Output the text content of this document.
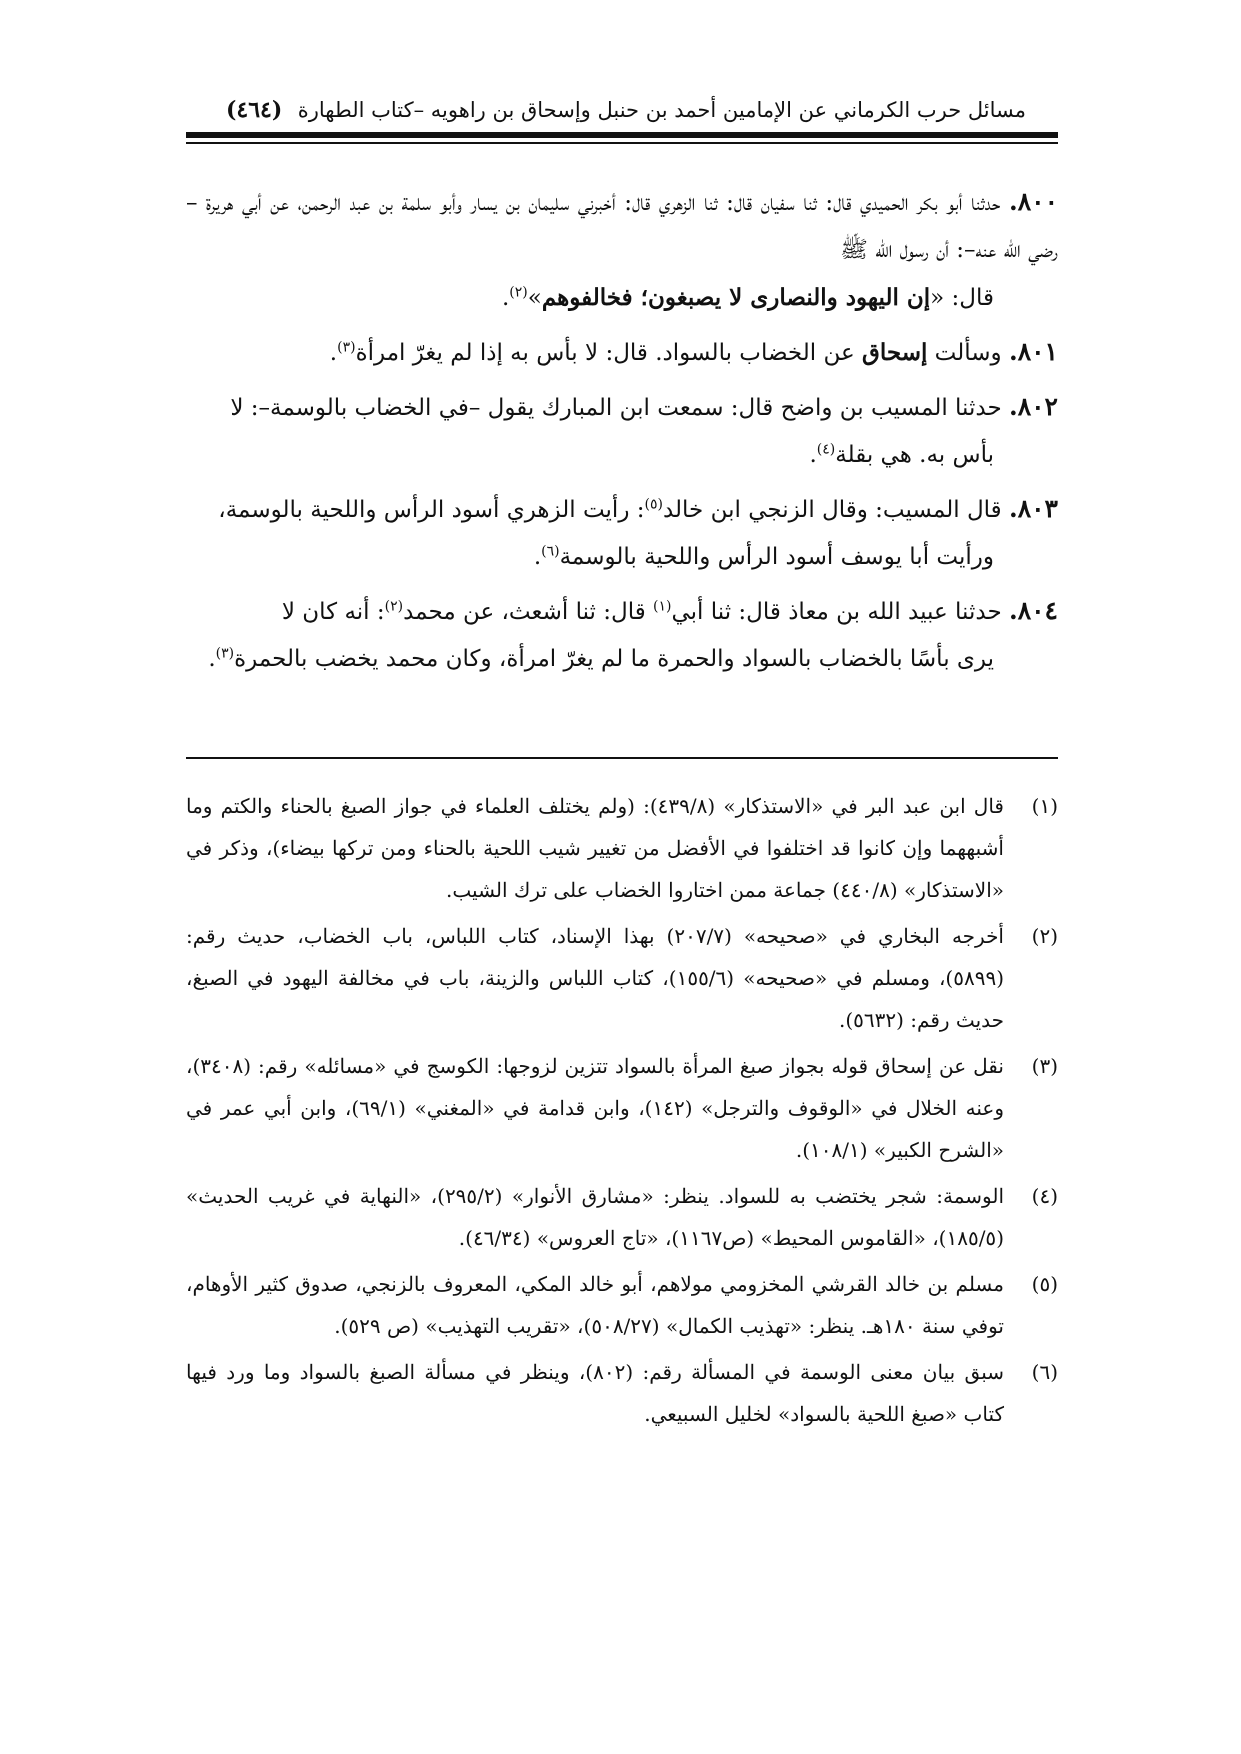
مسائل حرب الكرماني عن الإمامين أحمد بن حنبل وإسحاق بن راهويه –كتاب الطهارة
(٤٦٤)
٨٠٠. حدثنا أبو بكر الحميدي قال: ثنا سفيان قال: ثنا الزهري قال: أخبرني سليمان بن يسار وأبو سلمة بن عبد الرحمن، عن أبي هريرة –رضي الله عنه–: أن رسول الله ﷺ
قال: «إن اليهود والنصارى لا يصبغون؛ فخالفوهم»$^{(٢)}$.
٨٠١. وسألت إسحاق عن الخضاب بالسواد. قال: لا بأس به إذا لم يغرّ امرأة$^{(٣)}$.
٨٠٢. حدثنا المسيب بن واضح قال: سمعت ابن المبارك يقول –في الخضاب بالوسمة–: لا
بأس به. هي بقلة$^{(٤)}$.
٨٠٣. قال المسيب: وقال الزنجي ابن خالد$^{(٥)}$: رأيت الزهري أسود الرأس واللحية بالوسمة،
ورأيت أبا يوسف أسود الرأس واللحية بالوسمة$^{(٦)}$.
٨٠٤. حدثنا عبيد الله بن معاذ قال: ثنا أبي$^{(١)}$ قال: ثنا أشعث، عن محمد$^{(٢)}$: أنه كان لا
يرى بأسًا بالخضاب بالسواد والحمرة ما لم يغرّ امرأة، وكان محمد يخضب بالحمرة$^{(٣)}$.
(١)قال ابن عبد البر في «الاستذكار» (٤٣٩/٨): (ولم يختلف العلماء في جواز الصبغ بالحناء والكتم وما أشبههما وإن كانوا قد اختلفوا في الأفضل من تغيير شيب اللحية بالحناء ومن تركها بيضاء)، وذكر في «الاستذكار» (٤٤٠/٨) جماعة ممن اختاروا الخضاب على ترك الشيب.
(٢)أخرجه البخاري في «صحيحه» (٢٠٧/٧) بهذا الإسناد، كتاب اللباس، باب الخضاب، حديث رقم: (٥٨٩٩)، ومسلم في «صحيحه» (١٥٥/٦)، كتاب اللباس والزينة، باب في مخالفة اليهود في الصبغ، حديث رقم: (٥٦٣٢).
(٣)نقل عن إسحاق قوله بجواز صبغ المرأة بالسواد تتزين لزوجها: الكوسج في «مسائله» رقم: (٣٤٠٨)، وعنه الخلال في «الوقوف والترجل» (١٤٢)، وابن قدامة في «المغني» (٦٩/١)، وابن أبي عمر في «الشرح الكبير» (١٠٨/١).
(٤)الوسمة: شجر يختضب به للسواد. ينظر: «مشارق الأنوار» (٢٩٥/٢)، «النهاية في غريب الحديث» (١٨٥/٥)، «القاموس المحيط» (ص١١٦٧)، «تاج العروس» (٤٦/٣٤).
(٥)مسلم بن خالد القرشي المخزومي مولاهم، أبو خالد المكي، المعروف بالزنجي، صدوق كثير الأوهام، توفي سنة ١٨٠هـ. ينظر: «تهذيب الكمال» (٥٠٨/٢٧)، «تقريب التهذيب» (ص ٥٢٩).
(٦)سبق بيان معنى الوسمة في المسألة رقم: (٨٠٢)، وينظر في مسألة الصبغ بالسواد وما ورد فيها كتاب «صبغ اللحية بالسواد» لخليل السبيعي.
